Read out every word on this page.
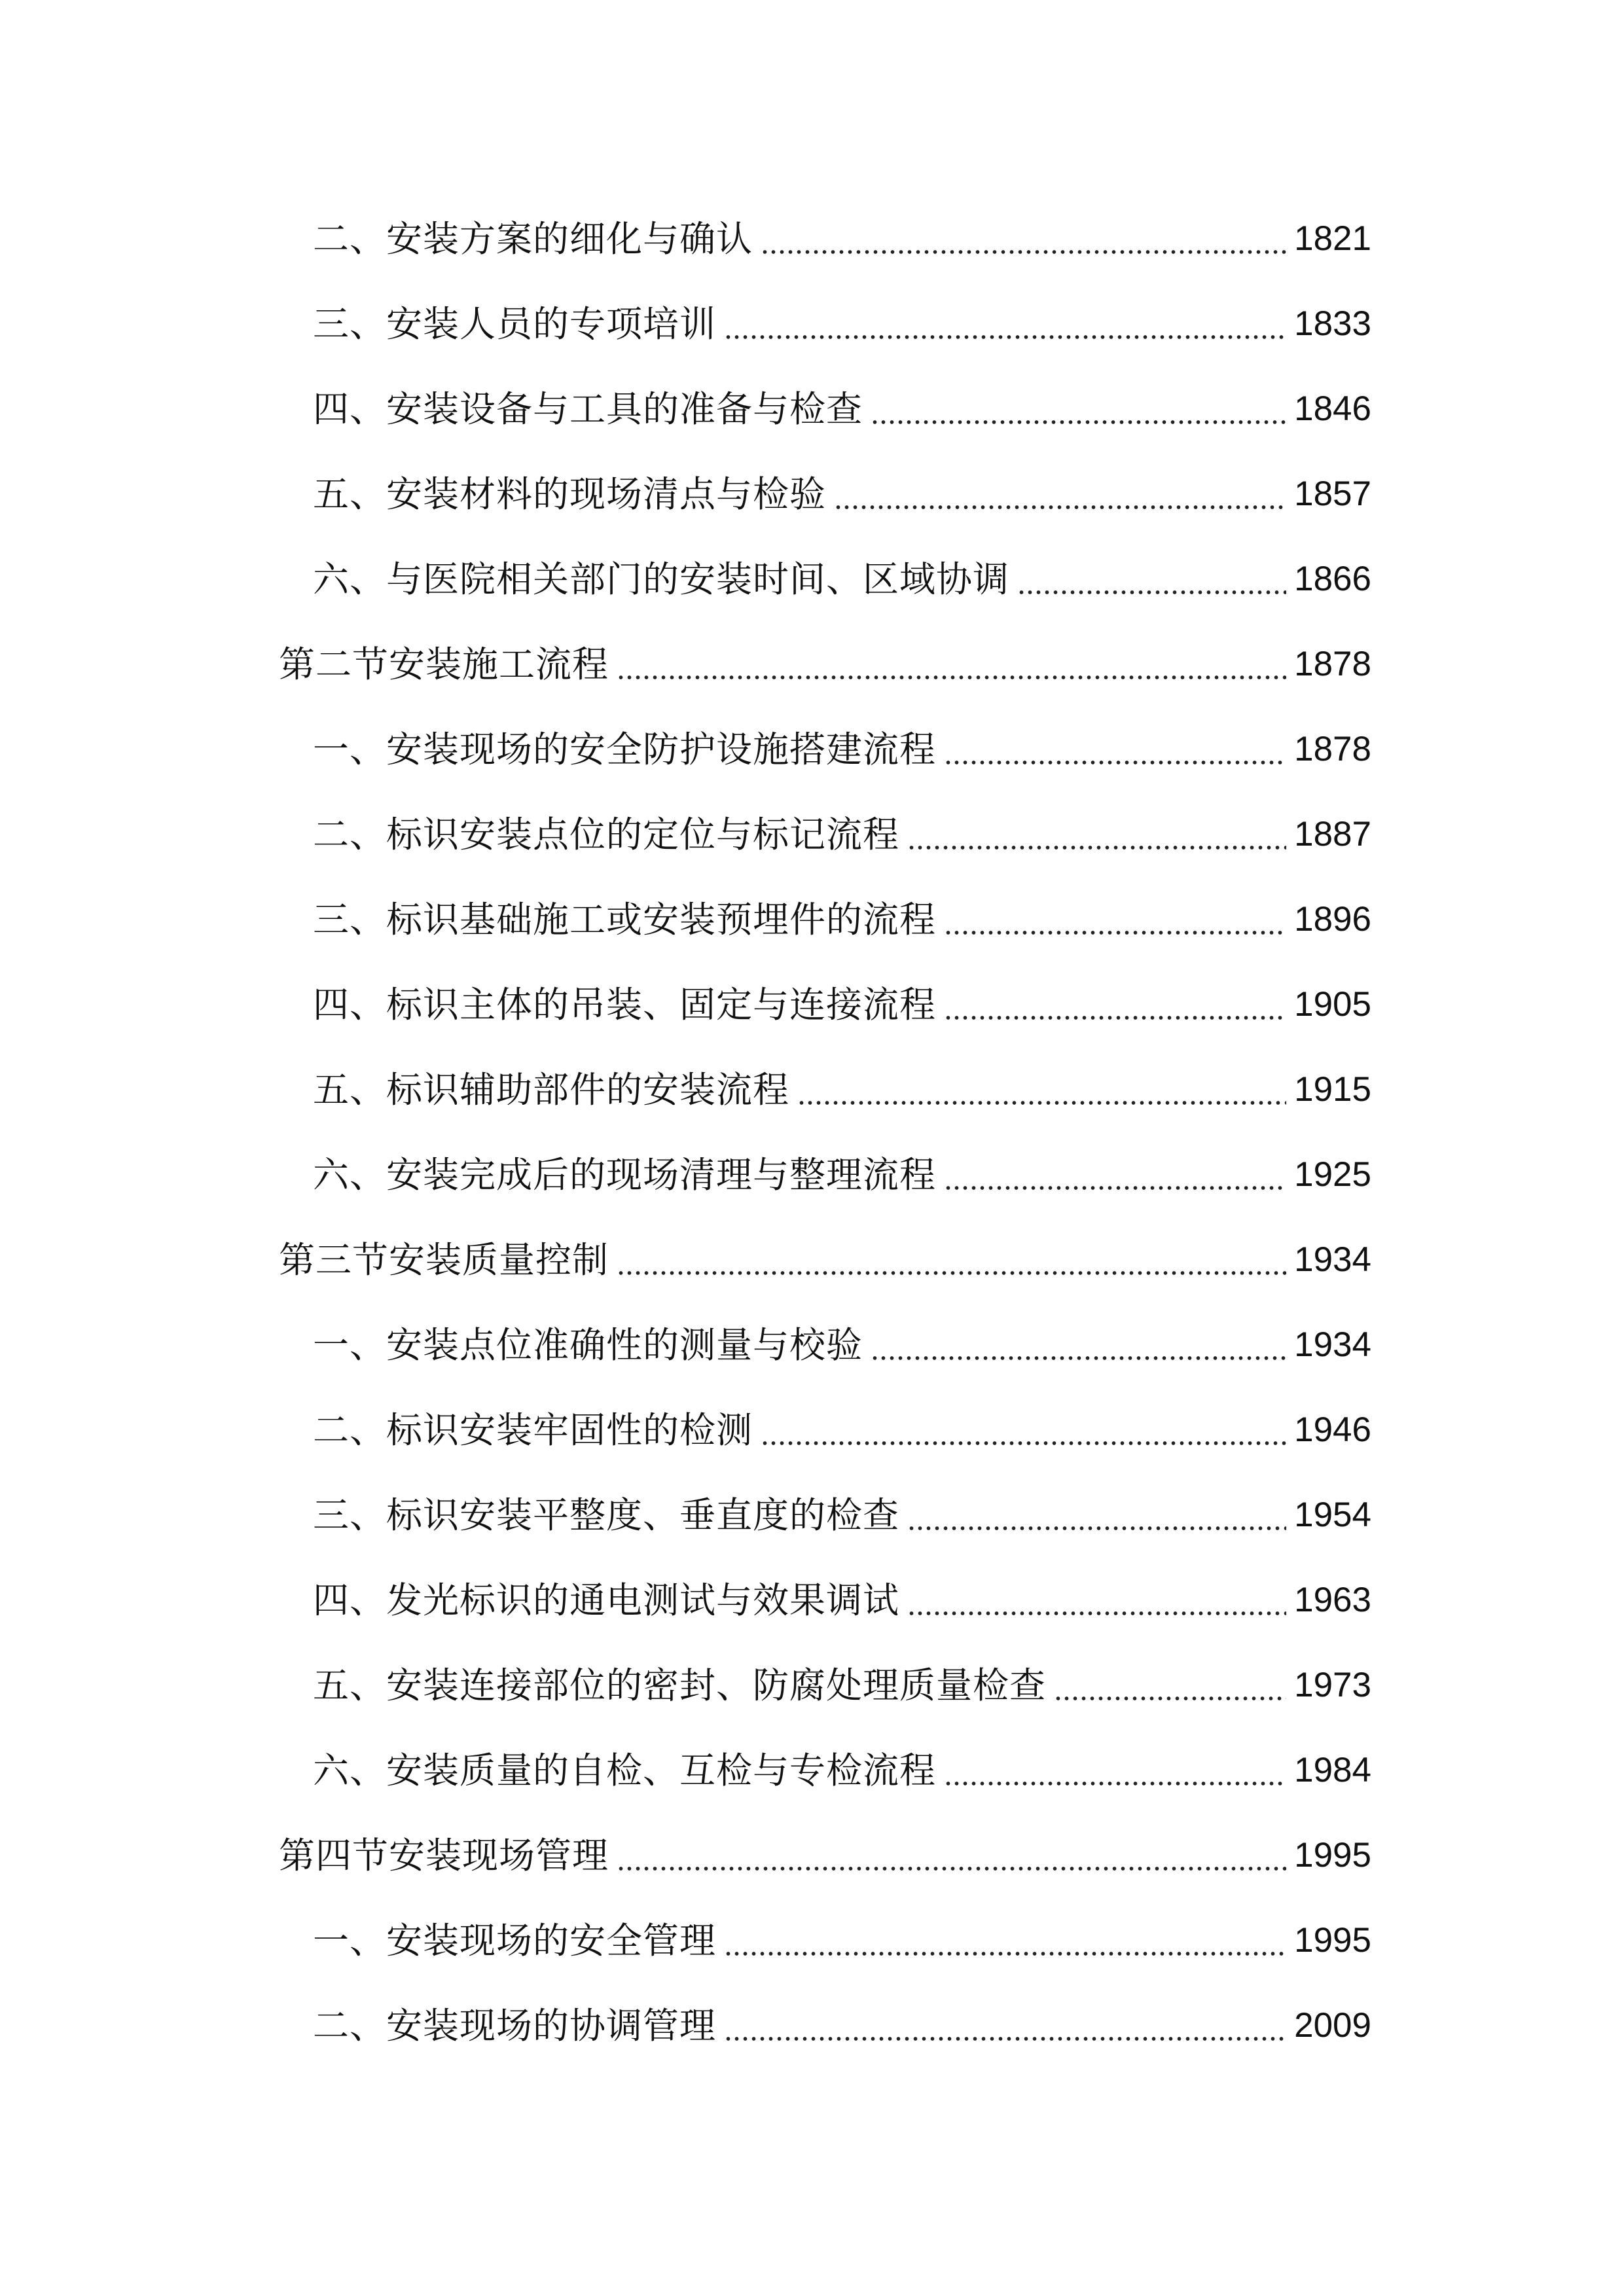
二、安装方案的细化与确认	1821
三、安装人员的专项培训	1833
四、安装设备与工具的准备与检查	1846
五、安装材料的现场清点与检验	1857
六、与医院相关部门的安装时间、区域协调	1866
第二节安装施工流程	1878
一、安装现场的安全防护设施搭建流程	1878
二、标识安装点位的定位与标记流程	1887
三、标识基础施工或安装预埋件的流程	1896
四、标识主体的吊装、固定与连接流程	1905
五、标识辅助部件的安装流程	1915
六、安装完成后的现场清理与整理流程	1925
第三节安装质量控制	1934
一、安装点位准确性的测量与校验	1934
二、标识安装牢固性的检测	1946
三、标识安装平整度、垂直度的检查	1954
四、发光标识的通电测试与效果调试	1963
五、安装连接部位的密封、防腐处理质量检查	1973
六、安装质量的自检、互检与专检流程	1984
第四节安装现场管理	1995
一、安装现场的安全管理	1995
二、安装现场的协调管理	2009
